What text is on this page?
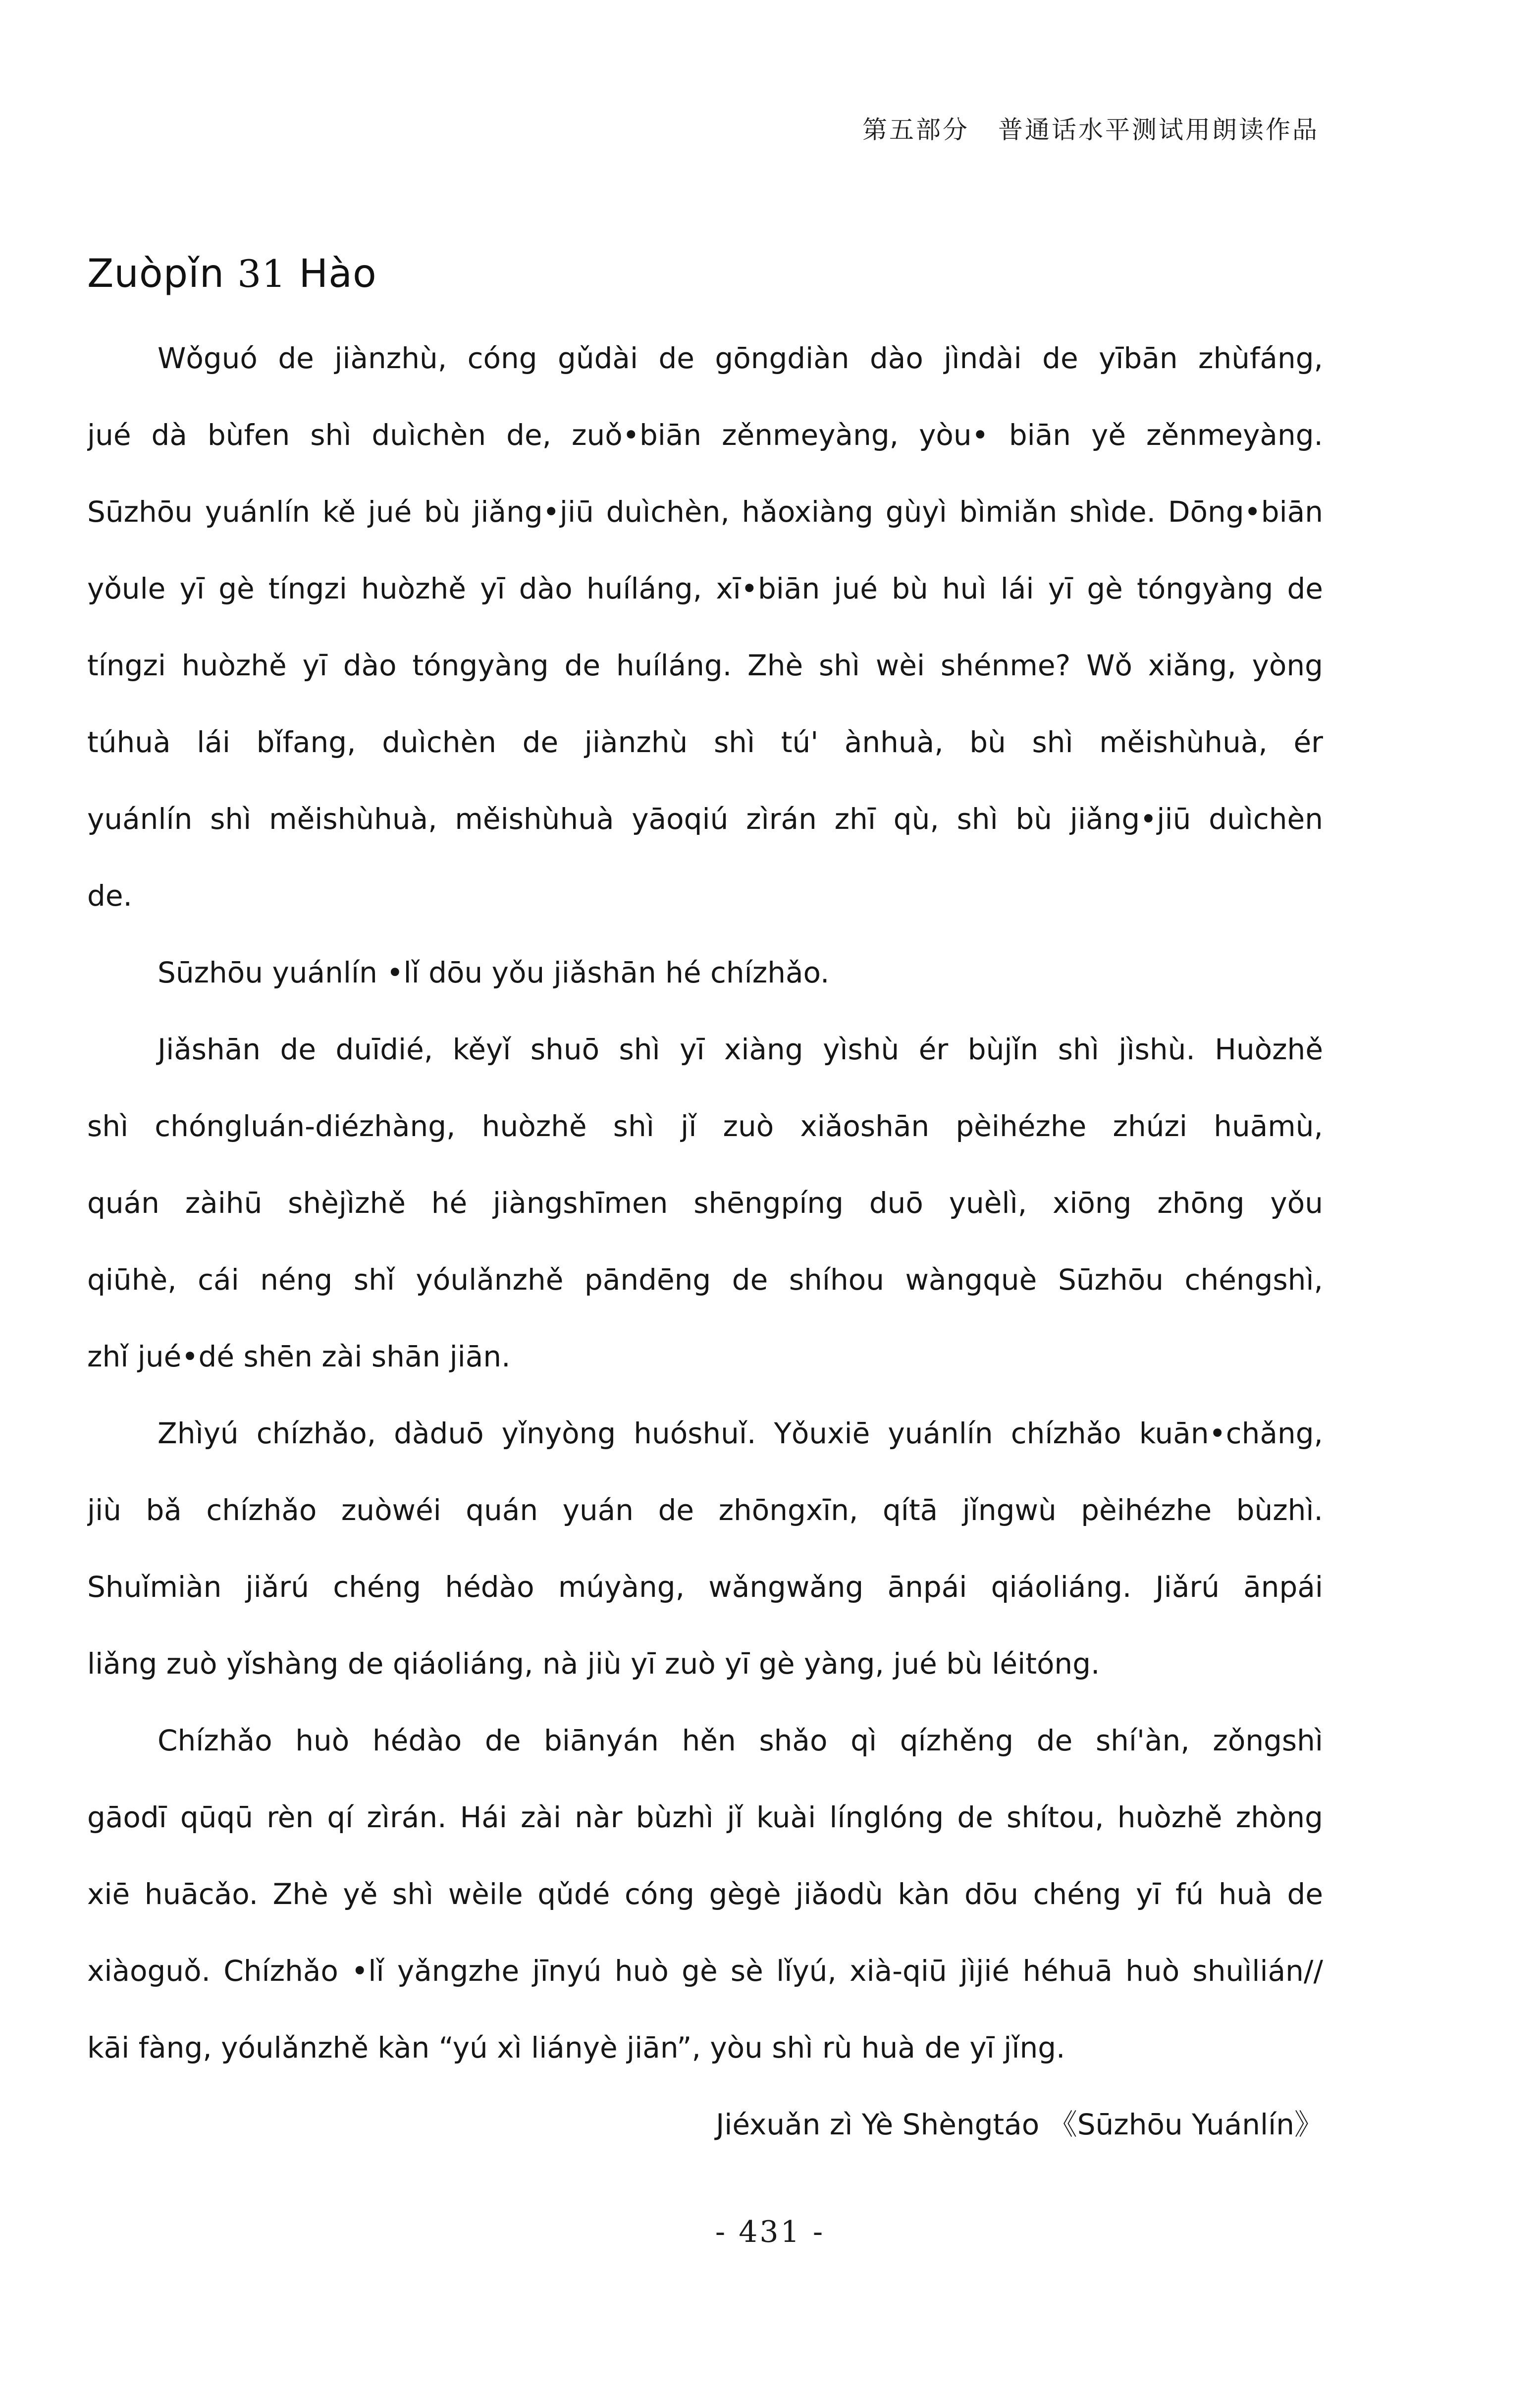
第五部分 普通话水平测试用朗读作品
Zuòpǐn 31 Hào
Wǒguó de jiànzhù, cóng gǔdài de gōngdiàn dào jìndài de yībān zhùfáng,
jué dà bùfen shì duìchèn de, zuǒ•biān zěnmeyàng, yòu• biān yě zěnmeyàng.
Sūzhōu yuánlín kě jué bù jiǎng•jiū duìchèn, hǎoxiàng gùyì bìmiǎn shìde. Dōng•biān
yǒule yī gè tíngzi huòzhě yī dào huíláng, xī•biān jué bù huì lái yī gè tóngyàng de
tíngzi huòzhě yī dào tóngyàng de huíláng. Zhè shì wèi shénme? Wǒ xiǎng, yòng
túhuà lái bǐfang, duìchèn de jiànzhù shì tú' ànhuà, bù shì měishùhuà, ér
yuánlín shì měishùhuà, měishùhuà yāoqiú zìrán zhī qù, shì bù jiǎng•jiū duìchèn
de.
Sūzhōu yuánlín •lǐ dōu yǒu jiǎshān hé chízhǎo.
Jiǎshān de duīdié, kěyǐ shuō shì yī xiàng yìshù ér bùjǐn shì jìshù. Huòzhě
shì chóngluán-diézhàng, huòzhě shì jǐ zuò xiǎoshān pèihézhe zhúzi huāmù,
quán zàihū shèjìzhě hé jiàngshīmen shēngpíng duō yuèlì, xiōng zhōng yǒu
qiūhè, cái néng shǐ yóulǎnzhě pāndēng de shíhou wàngquè Sūzhōu chéngshì,
zhǐ jué•dé shēn zài shān jiān.
Zhìyú chízhǎo, dàduō yǐnyòng huóshuǐ. Yǒuxiē yuánlín chízhǎo kuān•chǎng,
jiù bǎ chízhǎo zuòwéi quán yuán de zhōngxīn, qítā jǐngwù pèihézhe bùzhì.
Shuǐmiàn jiǎrú chéng hédào múyàng, wǎngwǎng ānpái qiáoliáng. Jiǎrú ānpái
liǎng zuò yǐshàng de qiáoliáng, nà jiù yī zuò yī gè yàng, jué bù léitóng.
Chízhǎo huò hédào de biānyán hěn shǎo qì qízhěng de shí'àn, zǒngshì
gāodī qūqū rèn qí zìrán. Hái zài nàr bùzhì jǐ kuài línglóng de shítou, huòzhě zhòng
xiē huācǎo. Zhè yě shì wèile qǔdé cóng gègè jiǎodù kàn dōu chéng yī fú huà de
xiàoguǒ. Chízhǎo •lǐ yǎngzhe jīnyú huò gè sè lǐyú, xià-qiū jìjié héhuā huò shuìlián//
kāi fàng, yóulǎnzhě kàn “yú xì liányè jiān”, yòu shì rù huà de yī jǐng.
Jiéxuǎn zì Yè Shèngtáo 《Sūzhōu Yuánlín》
- 431 -
